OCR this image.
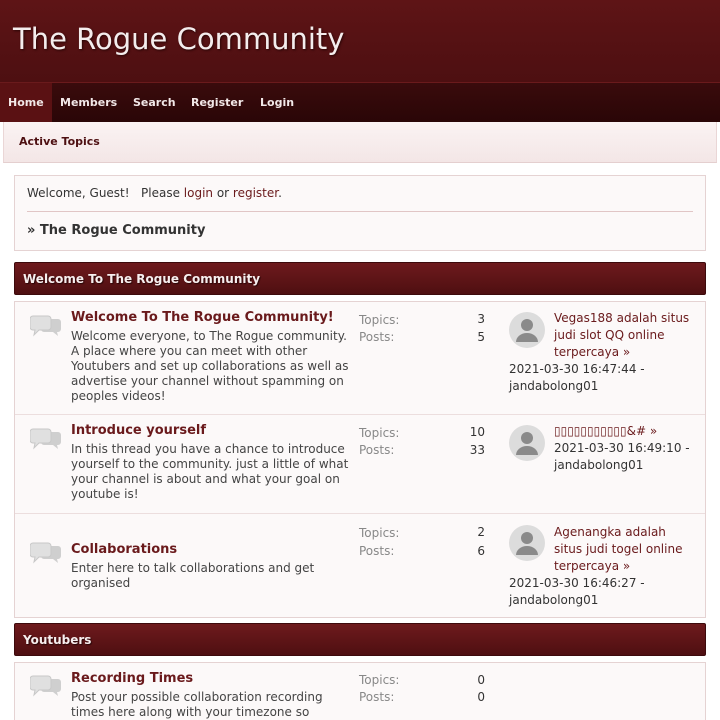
The Rogue Community
Home	Members	Search	Register	Login
Active Topics
Welcome, Guest!   Please login or register.
» The Rogue Community
Welcome To The Rogue Community
Welcome To The Rogue Community!
Welcome everyone, to The Rogue community. A place where you can meet with other Youtubers and set up collaborations as well as advertise your channel without spamming on peoples videos!
Topics:	3
Posts:	5
Vegas188 adalah situs judi slot QQ online terpercaya »
2021-03-30 16:47:44 - jandabolong01
Introduce yourself
In this thread you have a chance to introduce yourself to the community. just a little of what your channel is about and what your goal on youtube is!
Topics:	10
Posts:	33
▯▯▯▯▯▯▯▯▯▯▯&# »
2021-03-30 16:49:10 - jandabolong01
Collaborations
Enter here to talk collaborations and get organised
Topics:	2
Posts:	6
Agenangka adalah situs judi togel online terpercaya »
2021-03-30 16:46:27 - jandabolong01
Youtubers
Recording Times
Post your possible collaboration recording times here along with your timezone so
Topics:	0
Posts:	0
